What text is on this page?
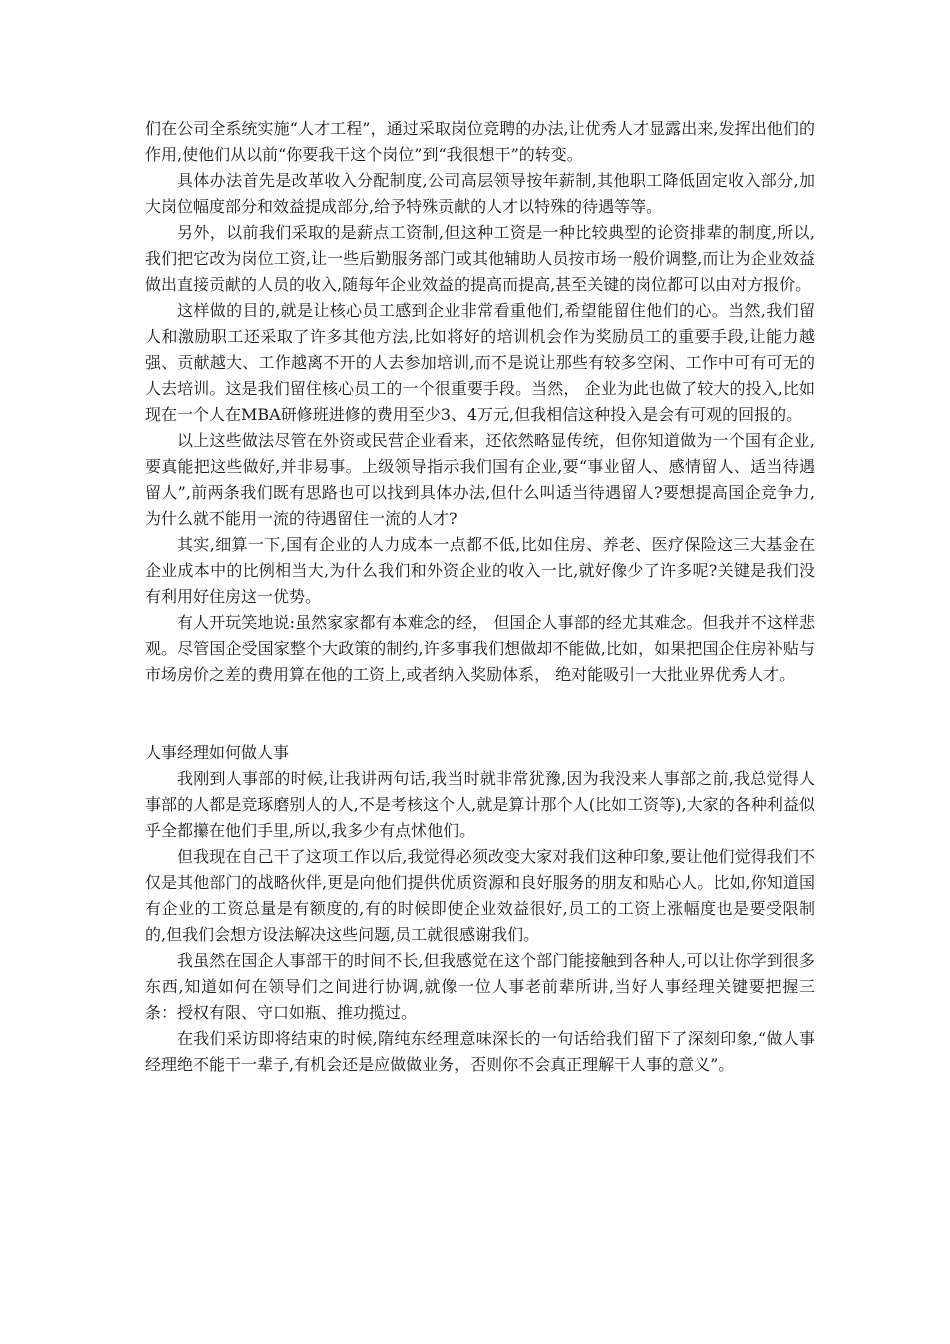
们在公司全系统实施“人才工程”，通过采取岗位竞聘的办法,让优秀人才显露出来,发挥出他们的作用,使他们从以前“你要我干这个岗位”到“我很想干”的转变。

具体办法首先是改革收入分配制度,公司高层领导按年薪制,其他职工降低固定收入部分,加大岗位幅度部分和效益提成部分,给予特殊贡献的人才以特殊的待遇等等。

另外，以前我们采取的是薪点工资制,但这种工资是一种比较典型的论资排辈的制度,所以,我们把它改为岗位工资,让一些后勤服务部门或其他辅助人员按市场一般价调整,而让为企业效益做出直接贡献的人员的收入,随每年企业效益的提高而提高,甚至关键的岗位都可以由对方报价。

这样做的目的,就是让核心员工感到企业非常看重他们,希望能留住他们的心。当然,我们留人和激励职工还采取了许多其他方法,比如将好的培训机会作为奖励员工的重要手段,让能力越强、贡献越大、工作越离不开的人去参加培训,而不是说让那些有较多空闲、工作中可有可无的人去培训。这是我们留住核心员工的一个很重要手段。当然， 企业为此也做了较大的投入,比如现在一个人在MBA研修班进修的费用至少3、4万元,但我相信这种投入是会有可观的回报的。

以上这些做法尽管在外资或民营企业看来，还依然略显传统，但你知道做为一个国有企业,要真能把这些做好,并非易事。上级领导指示我们国有企业,要“事业留人、感情留人、适当待遇留人”,前两条我们既有思路也可以找到具体办法,但什么叫适当待遇留人?要想提高国企竞争力,为什么就不能用一流的待遇留住一流的人才?

其实,细算一下,国有企业的人力成本一点都不低,比如住房、养老、医疗保险这三大基金在企业成本中的比例相当大,为什么我们和外资企业的收入一比,就好像少了许多呢?关键是我们没有利用好住房这一优势。

有人开玩笑地说:虽然家家都有本难念的经， 但国企人事部的经尤其难念。但我并不这样悲观。尽管国企受国家整个大政策的制约,许多事我们想做却不能做,比如，如果把国企住房补贴与市场房价之差的费用算在他的工资上,或者纳入奖励体系， 绝对能吸引一大批业界优秀人才。

人事经理如何做人事

我刚到人事部的时候,让我讲两句话,我当时就非常犹豫,因为我没来人事部之前,我总觉得人事部的人都是竞琢磨别人的人,不是考核这个人,就是算计那个人(比如工资等),大家的各种利益似乎全都攥在他们手里,所以,我多少有点怵他们。

但我现在自己干了这项工作以后,我觉得必须改变大家对我们这种印象,要让他们觉得我们不仅是其他部门的战略伙伴,更是向他们提供优质资源和良好服务的朋友和贴心人。比如,你知道国有企业的工资总量是有额度的,有的时候即使企业效益很好,员工的工资上涨幅度也是要受限制的,但我们会想方设法解决这些问题,员工就很感谢我们。

我虽然在国企人事部干的时间不长,但我感觉在这个部门能接触到各种人,可以让你学到很多东西,知道如何在领导们之间进行协调,就像一位人事老前辈所讲,当好人事经理关键要把握三条：授权有限、守口如瓶、推功揽过。

在我们采访即将结束的时候,隋纯东经理意味深长的一句话给我们留下了深刻印象,“做人事经理绝不能干一辈子,有机会还是应做做业务，否则你不会真正理解干人事的意义”。
